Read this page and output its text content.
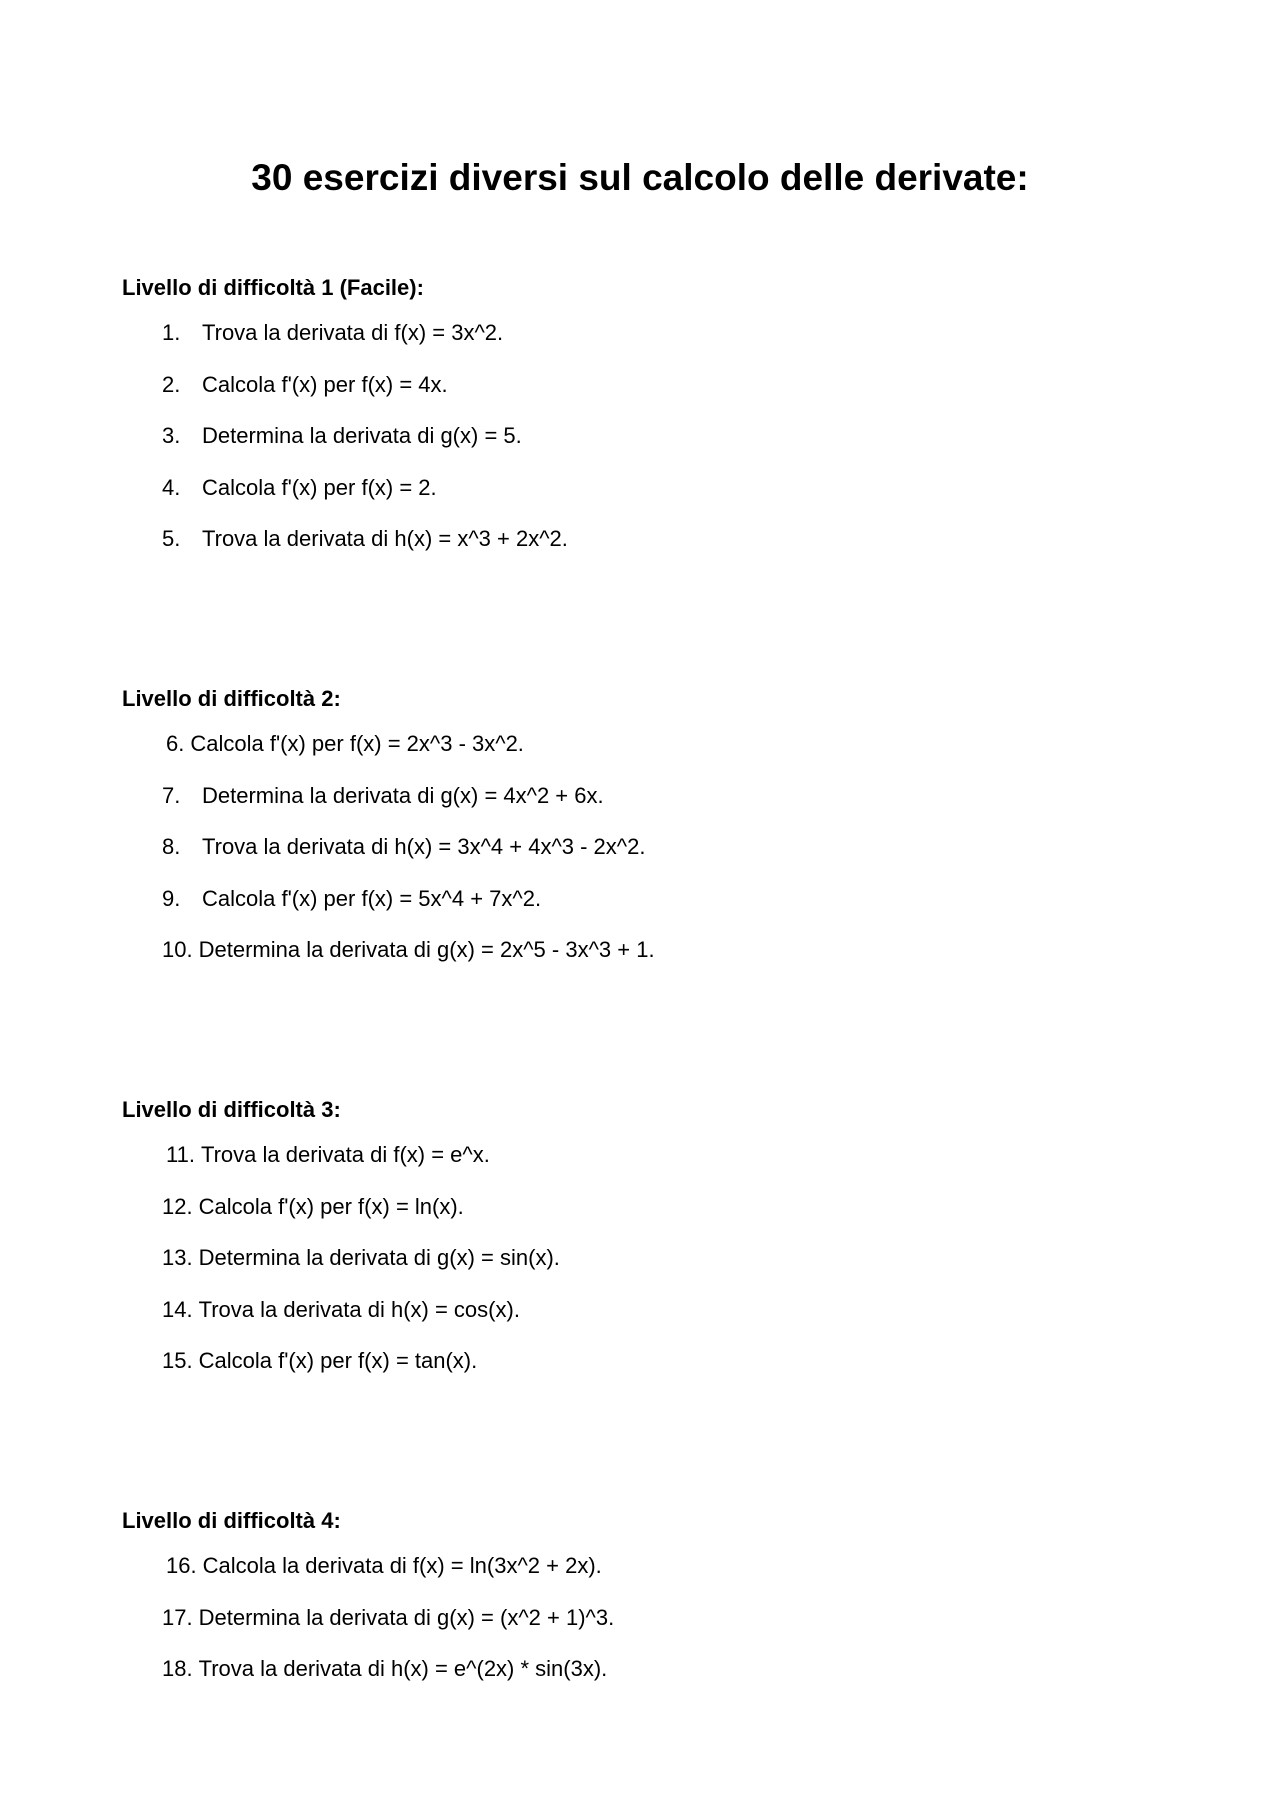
30 esercizi diversi sul calcolo delle derivate:
Livello di difficoltà 1 (Facile):
1. Trova la derivata di f(x) = 3x^2.
2. Calcola f'(x) per f(x) = 4x.
3. Determina la derivata di g(x) = 5.
4. Calcola f'(x) per f(x) = 2.
5. Trova la derivata di h(x) = x^3 + 2x^2.
Livello di difficoltà 2:
6. Calcola f'(x) per f(x) = 2x^3 - 3x^2.
7. Determina la derivata di g(x) = 4x^2 + 6x.
8. Trova la derivata di h(x) = 3x^4 + 4x^3 - 2x^2.
9. Calcola f'(x) per f(x) = 5x^4 + 7x^2.
10. Determina la derivata di g(x) = 2x^5 - 3x^3 + 1.
Livello di difficoltà 3:
11. Trova la derivata di f(x) = e^x.
12. Calcola f'(x) per f(x) = ln(x).
13. Determina la derivata di g(x) = sin(x).
14. Trova la derivata di h(x) = cos(x).
15. Calcola f'(x) per f(x) = tan(x).
Livello di difficoltà 4:
16. Calcola la derivata di f(x) = ln(3x^2 + 2x).
17. Determina la derivata di g(x) = (x^2 + 1)^3.
18. Trova la derivata di h(x) = e^(2x) * sin(3x).
